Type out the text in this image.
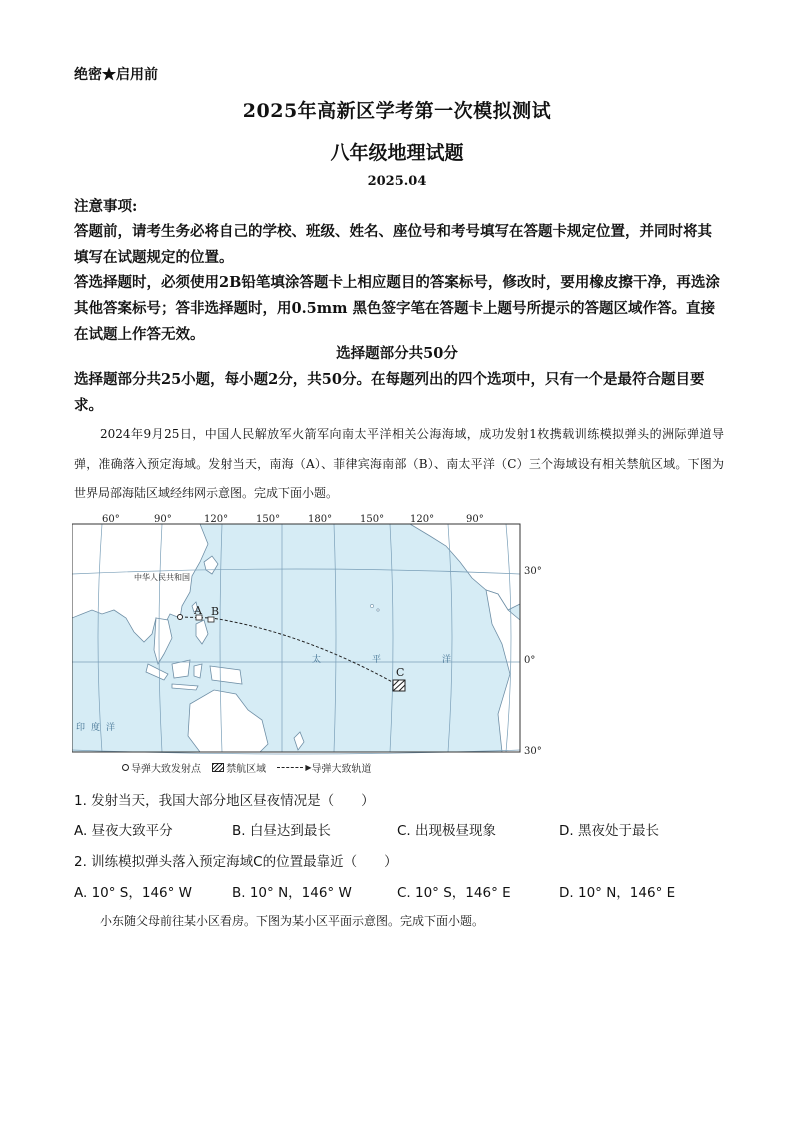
绝密★启用前
2025年高新区学考第一次模拟测试
八年级地理试题
2025.04
注意事项:
答题前，请考生务必将自己的学校、班级、姓名、座位号和考号填写在答题卡规定位置，并同时将其填写在试题规定的位置。
答选择题时，必须使用2B铅笔填涂答题卡上相应题目的答案标号，修改时，要用橡皮擦干净，再选涂其他答案标号；答非选择题时，用0.5mm 黑色签字笔在答题卡上题号所提示的答题区域作答。直接在试题上作答无效。
选择题部分共50分
选择题部分共25小题，每小题2分，共50分。在每题列出的四个选项中，只有一个是最符合题目要求。
2024年9月25日，中国人民解放军火箭军向南太平洋相关公海海域，成功发射1枚携载训练模拟弹头的洲际弹道导弹，准确落入预定海域。发射当天，南海（A）、菲律宾海南部（B）、南太平洋（C）三个海域设有相关禁航区域。下图为世界局部海陆区域经纬网示意图。完成下面小题。
60°	90°	120°	150°	180°	150°	120°	90°
30°
0°
30°
中华人民共和国
太	平	洋
印度洋
A B
C
导弹大致发射点	禁航区域	▶导弹大致轨道
1. 发射当天，我国大部分地区昼夜情况是（　　）
A. 昼夜大致平分	B. 白昼达到最长	C. 出现极昼现象	D. 黑夜处于最长
2. 训练模拟弹头落入预定海域C的位置最靠近（　　）
A. 10° S，146° W	B. 10° N，146° W	C. 10° S，146° E	D. 10° N，146° E
小东随父母前往某小区看房。下图为某小区平面示意图。完成下面小题。
